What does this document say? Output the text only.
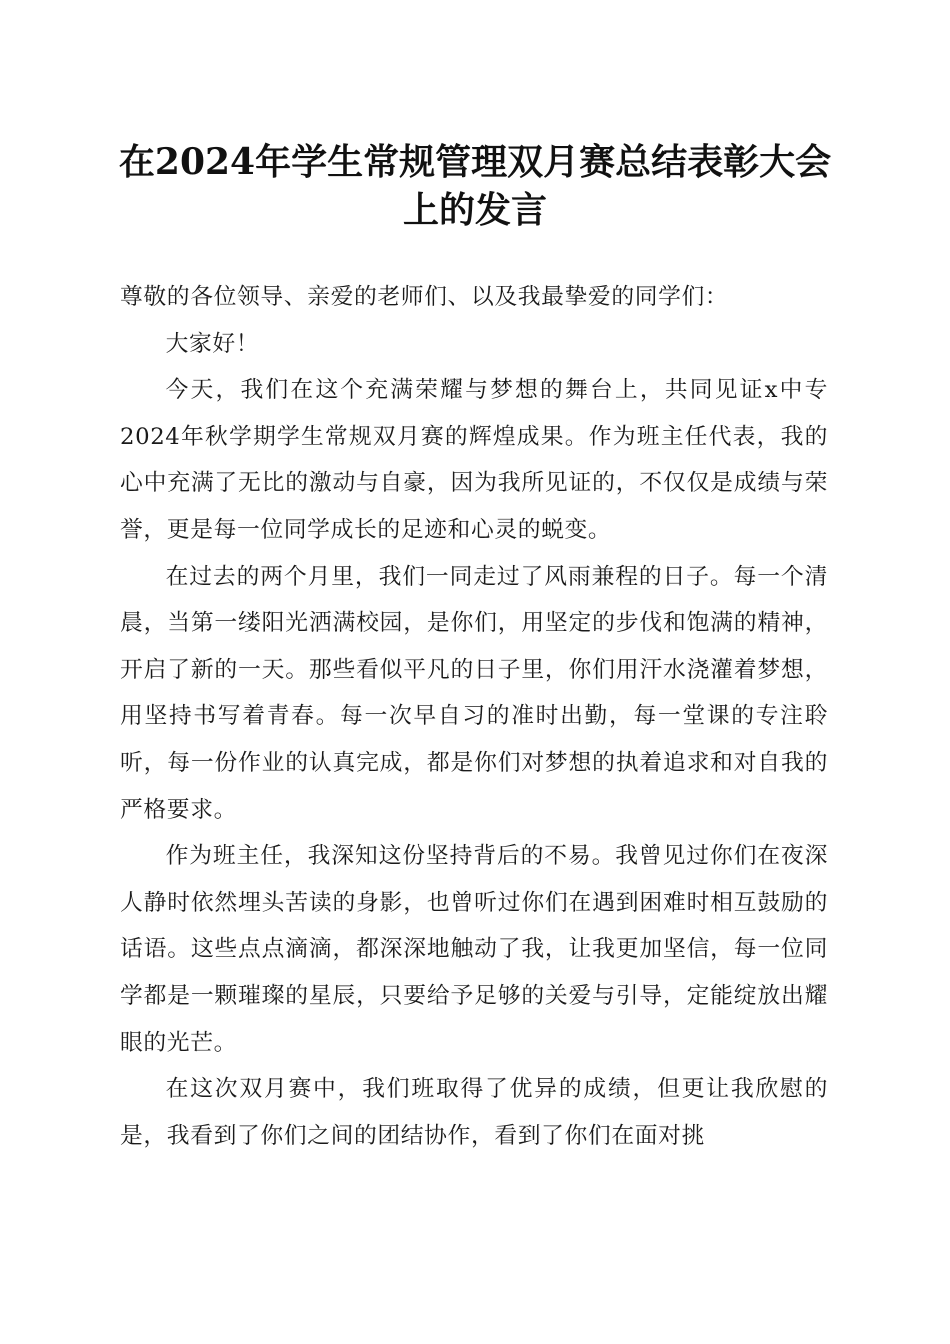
在2024年学生常规管理双月赛总结表彰大会上的发言

尊敬的各位领导、亲爱的老师们、以及我最挚爱的同学们：

大家好！

今天，我们在这个充满荣耀与梦想的舞台上，共同见证x中专2024年秋学期学生常规双月赛的辉煌成果。作为班主任代表，我的心中充满了无比的激动与自豪，因为我所见证的，不仅仅是成绩与荣誉，更是每一位同学成长的足迹和心灵的蜕变。

在过去的两个月里，我们一同走过了风雨兼程的日子。每一个清晨，当第一缕阳光洒满校园，是你们，用坚定的步伐和饱满的精神，开启了新的一天。那些看似平凡的日子里，你们用汗水浇灌着梦想，用坚持书写着青春。每一次早自习的准时出勤，每一堂课的专注聆听，每一份作业的认真完成，都是你们对梦想的执着追求和对自我的严格要求。

作为班主任，我深知这份坚持背后的不易。我曾见过你们在夜深人静时依然埋头苦读的身影，也曾听过你们在遇到困难时相互鼓励的话语。这些点点滴滴，都深深地触动了我，让我更加坚信，每一位同学都是一颗璀璨的星辰，只要给予足够的关爱与引导，定能绽放出耀眼的光芒。

在这次双月赛中，我们班取得了优异的成绩，但更让我欣慰的是，我看到了你们之间的团结协作，看到了你们在面对挑
